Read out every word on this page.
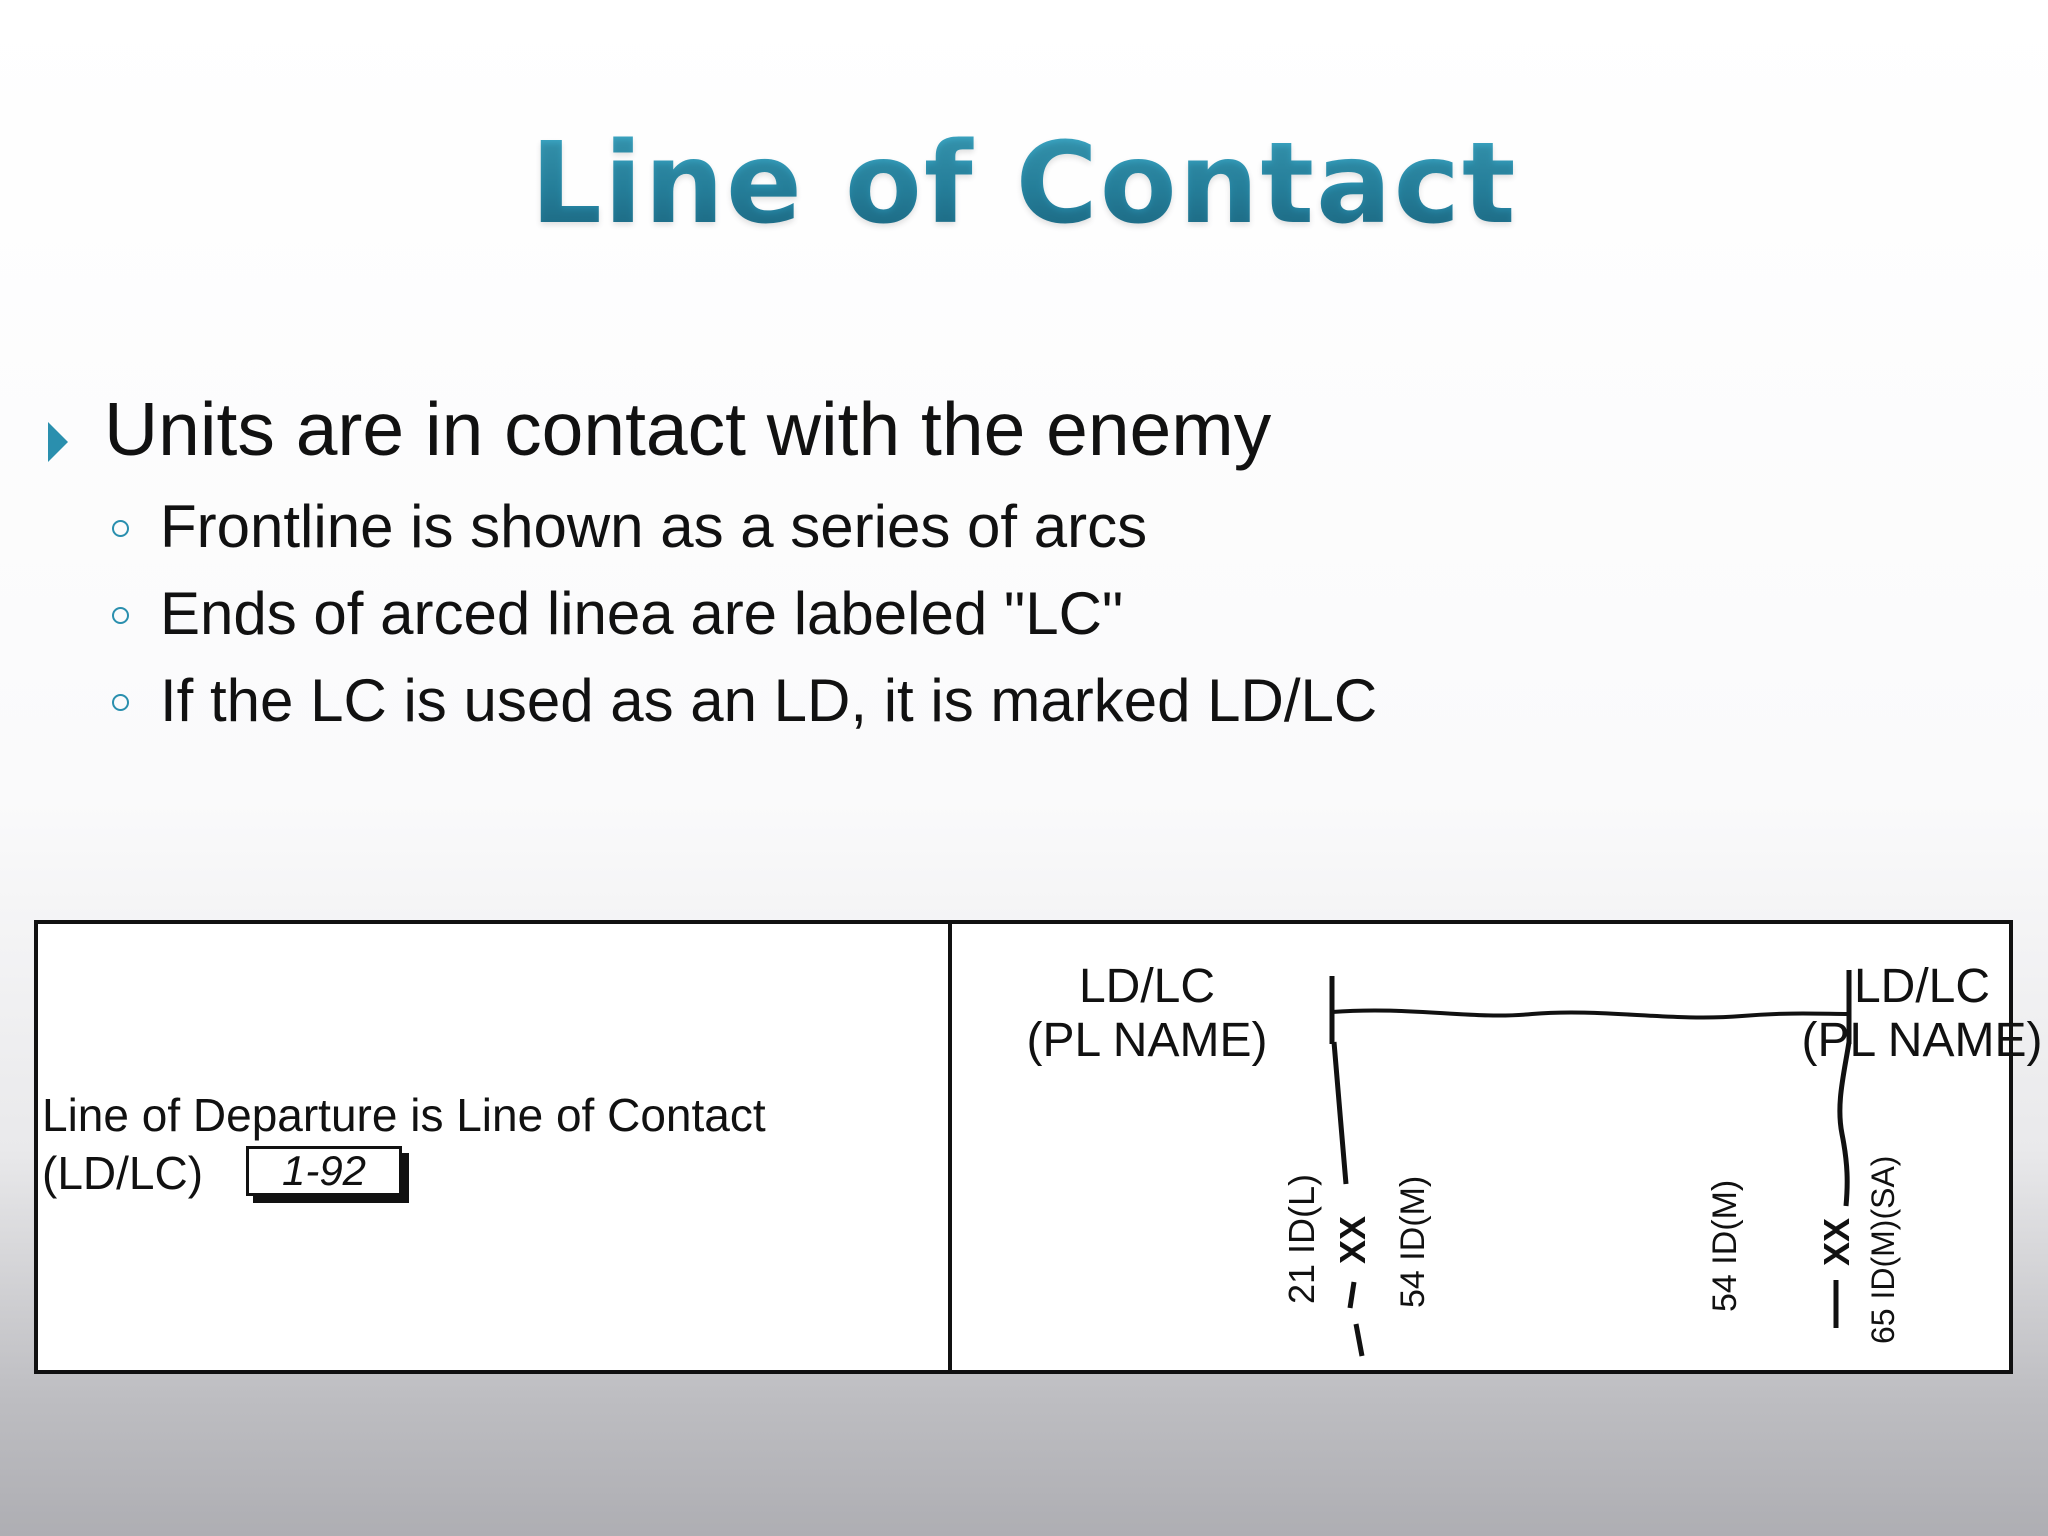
Line of Contact
Units are in contact with the enemy
Frontline is shown as a series of arcs
Ends of arced linea are labeled "LC"
If the LC is used as an LD, it is marked LD/LC
Line of Departure is Line of Contact
(LD/LC)	1-92
LD/LC
(PL NAME)
LD/LC
(PL NAME)
21 ID(L) XX 54 ID(M)	54 ID(M) XX 65 ID(M)(SA)
